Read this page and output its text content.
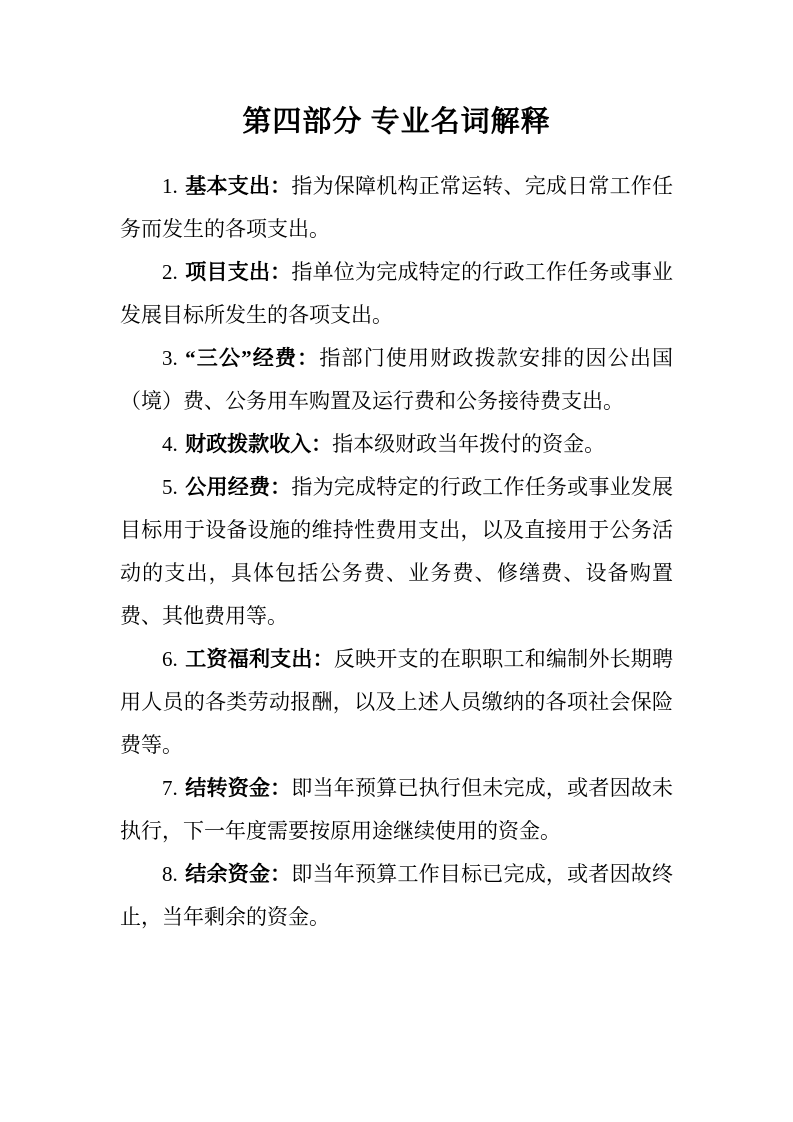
第四部分 专业名词解释

1. 基本支出：指为保障机构正常运转、完成日常工作任务而发生的各项支出。

2. 项目支出：指单位为完成特定的行政工作任务或事业发展目标所发生的各项支出。

3. “三公”经费：指部门使用财政拨款安排的因公出国（境）费、公务用车购置及运行费和公务接待费支出。

4. 财政拨款收入：指本级财政当年拨付的资金。

5. 公用经费：指为完成特定的行政工作任务或事业发展目标用于设备设施的维持性费用支出，以及直接用于公务活动的支出，具体包括公务费、业务费、修缮费、设备购置费、其他费用等。

6. 工资福利支出：反映开支的在职职工和编制外长期聘用人员的各类劳动报酬，以及上述人员缴纳的各项社会保险费等。

7. 结转资金：即当年预算已执行但未完成，或者因故未执行，下一年度需要按原用途继续使用的资金。

8. 结余资金：即当年预算工作目标已完成，或者因故终止，当年剩余的资金。
